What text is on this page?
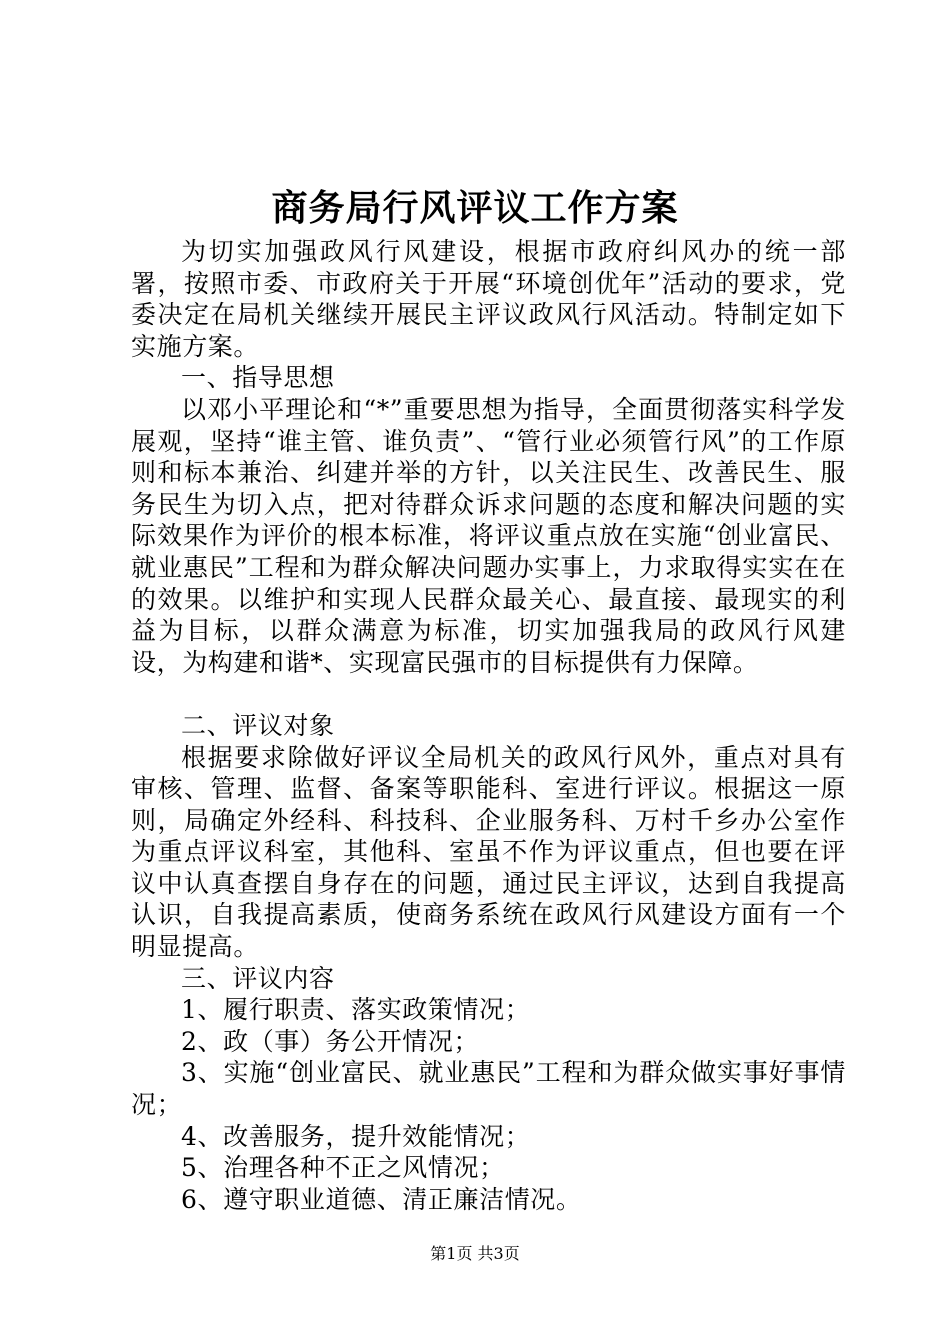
商务局行风评议工作方案

为切实加强政风行风建设，根据市政府纠风办的统一部署，按照市委、市政府关于开展“环境创优年”活动的要求，党委决定在局机关继续开展民主评议政风行风活动。特制定如下实施方案。

一、指导思想

以邓小平理论和“*”重要思想为指导，全面贯彻落实科学发展观，坚持“谁主管、谁负责”、“管行业必须管行风”的工作原则和标本兼治、纠建并举的方针，以关注民生、改善民生、服务民生为切入点，把对待群众诉求问题的态度和解决问题的实际效果作为评价的根本标准，将评议重点放在实施“创业富民、就业惠民”工程和为群众解决问题办实事上，力求取得实实在在的效果。以维护和实现人民群众最关心、最直接、最现实的利益为目标，以群众满意为标准，切实加强我局的政风行风建设，为构建和谐*、实现富民强市的目标提供有力保障。

二、评议对象

根据要求除做好评议全局机关的政风行风外，重点对具有审核、管理、监督、备案等职能科、室进行评议。根据这一原则，局确定外经科、科技科、企业服务科、万村千乡办公室作为重点评议科室，其他科、室虽不作为评议重点，但也要在评议中认真查摆自身存在的问题，通过民主评议，达到自我提高认识，自我提高素质，使商务系统在政风行风建设方面有一个明显提高。

三、评议内容

1、履行职责、落实政策情况；

2、政（事）务公开情况；

3、实施“创业富民、就业惠民”工程和为群众做实事好事情况；

4、改善服务，提升效能情况；

5、治理各种不正之风情况；

6、遵守职业道德、清正廉洁情况。

第1页 共3页
